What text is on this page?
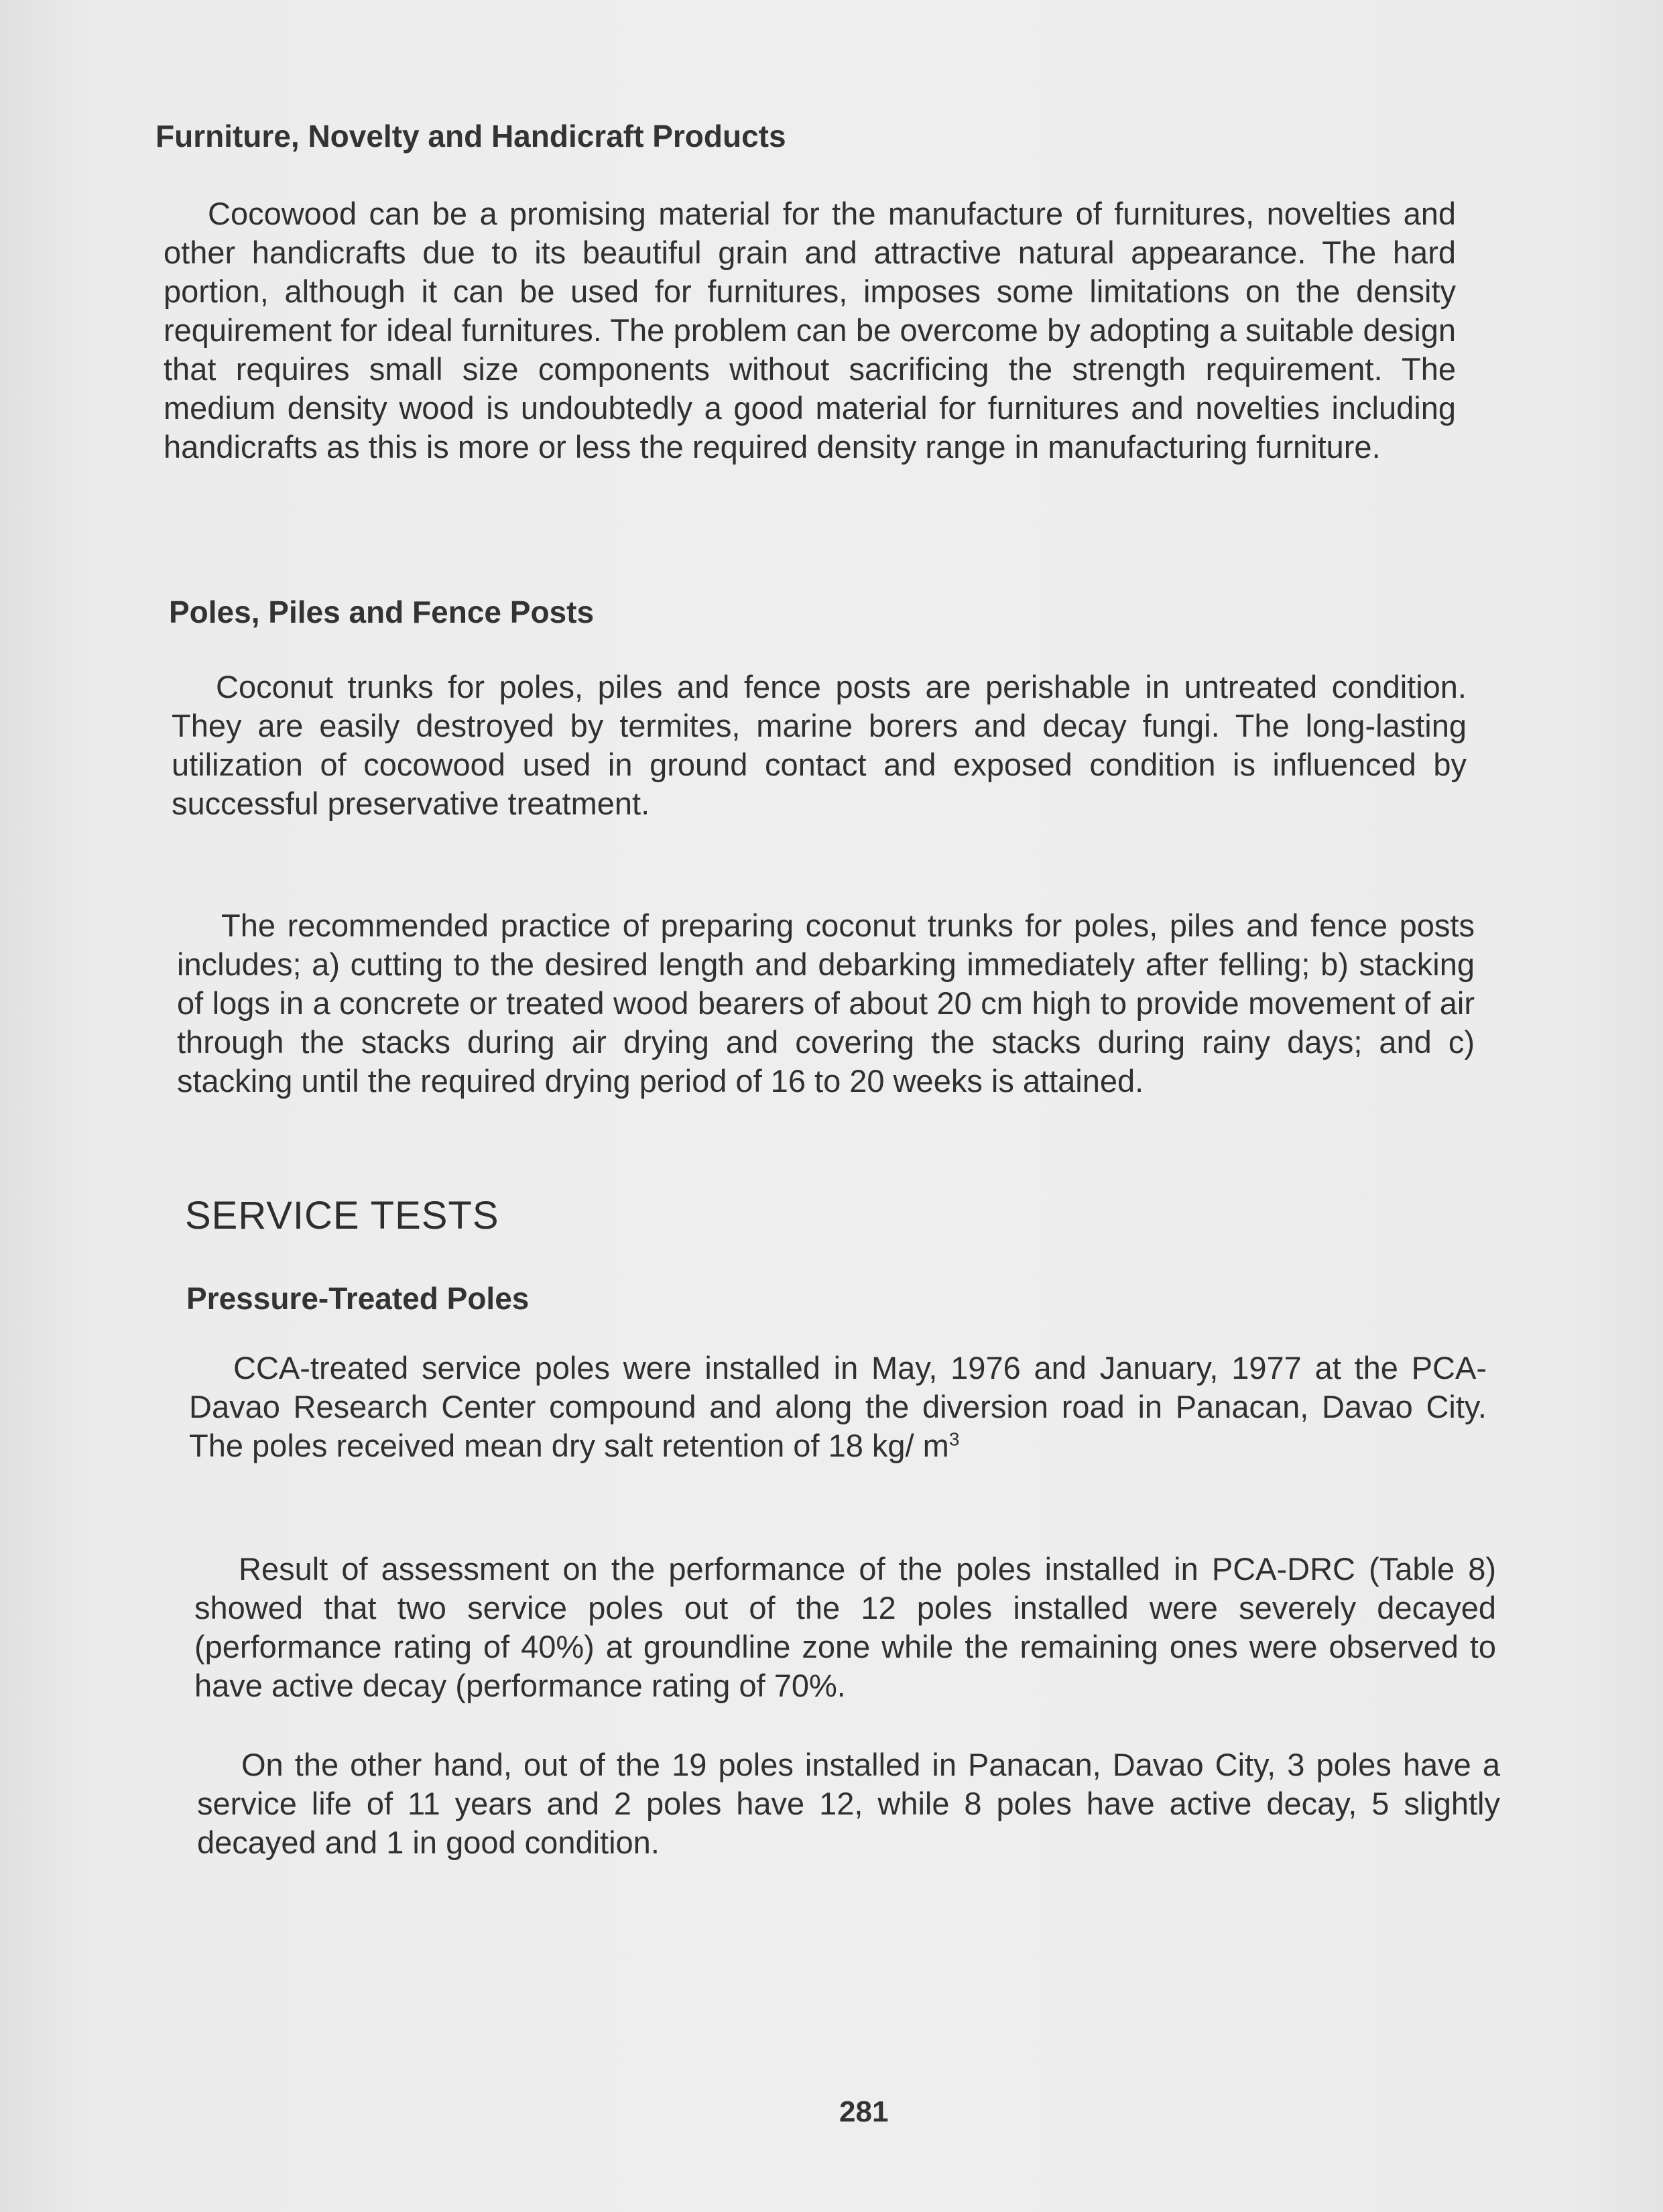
Furniture, Novelty and Handicraft Products

Cocowood can be a promising material for the manufacture of furnitures, novelties and other handicrafts due to its beautiful grain and attractive natural appearance. The hard portion, although it can be used for furnitures, imposes some limitations on the density requirement for ideal furnitures. The problem can be overcome by adopting a suitable design that requires small size components without sacrificing the strength requirement. The medium density wood is undoubtedly a good material for furnitures and novelties including handicrafts as this is more or less the required density range in manufacturing furniture.

Poles, Piles and Fence Posts

Coconut trunks for poles, piles and fence posts are perishable in untreated condition. They are easily destroyed by termites, marine borers and decay fungi. The long-lasting utilization of cocowood used in ground contact and exposed condition is influenced by successful preservative treatment.

The recommended practice of preparing coconut trunks for poles, piles and fence posts includes; a) cutting to the desired length and debarking immediately after felling; b) stacking of logs in a concrete or treated wood bearers of about 20 cm high to provide movement of air through the stacks during air drying and covering the stacks during rainy days; and c) stacking until the required drying period of 16 to 20 weeks is attained.

SERVICE TESTS
Pressure-Treated Poles

CCA-treated service poles were installed in May, 1976 and January, 1977 at the PCA-Davao Research Center compound and along the diversion road in Panacan, Davao City. The poles received mean dry salt retention of 18 kg/ $m^3$

Result of assessment on the performance of the poles installed in PCA-DRC (Table 8) showed that two service poles out of the 12 poles installed were severely decayed (performance rating of 40%) at groundline zone while the remaining ones were observed to have active decay (performance rating of 70%.

On the other hand, out of the 19 poles installed in Panacan, Davao City, 3 poles have a service life of 11 years and 2 poles have 12, while 8 poles have active decay, 5 slightly decayed and 1 in good condition.

281
